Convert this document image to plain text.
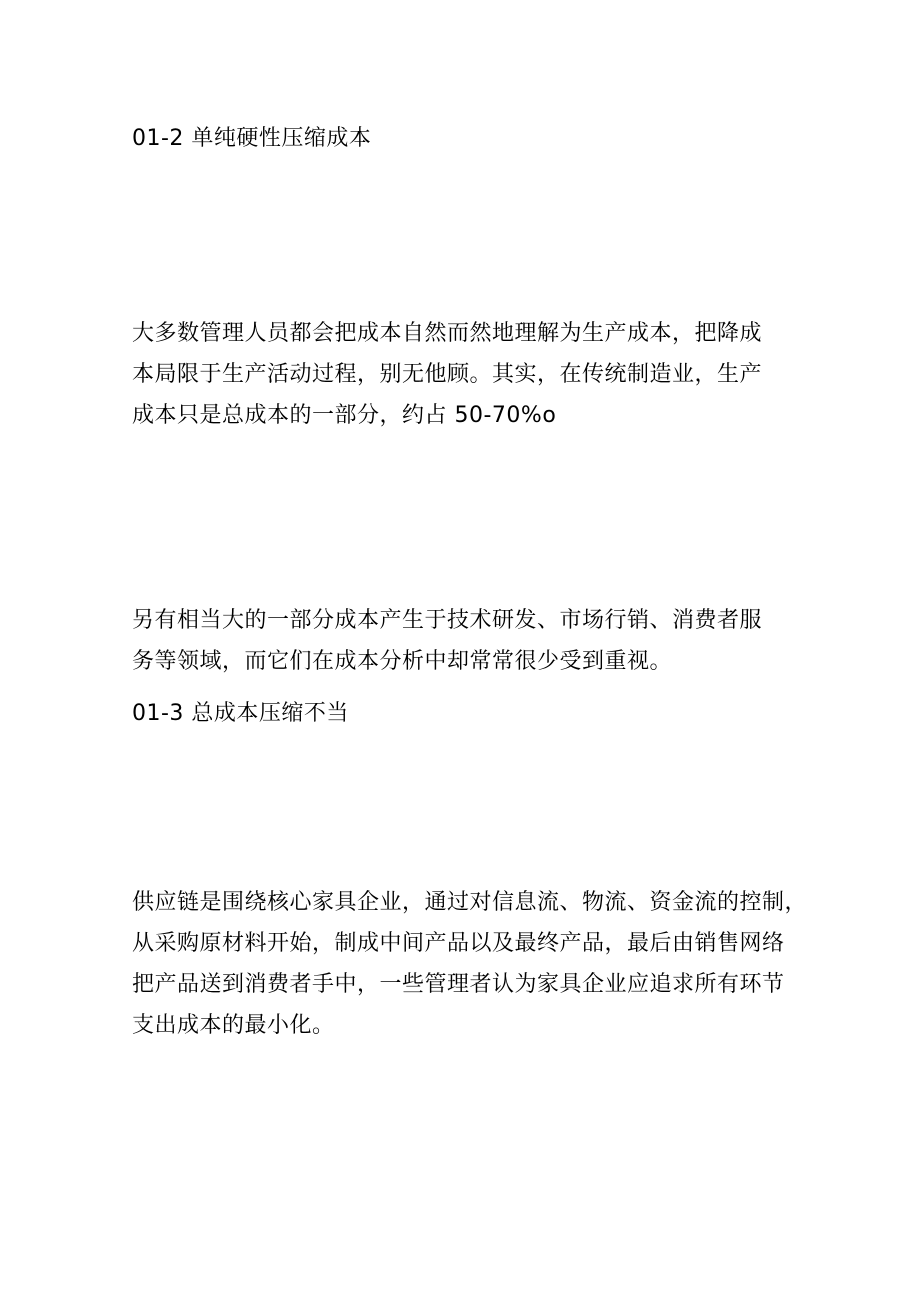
01-2 单纯硬性压缩成本
大多数管理人员都会把成本自然而然地理解为生产成本，把降成
本局限于生产活动过程，别无他顾。其实，在传统制造业，生产
成本只是总成本的一部分，约占 50-70%o
另有相当大的一部分成本产生于技术研发、市场行销、消费者服
务等领域，而它们在成本分析中却常常很少受到重视。
01-3 总成本压缩不当
供应链是围绕核心家具企业，通过对信息流、物流、资金流的控制，
从采购原材料开始，制成中间产品以及最终产品，最后由销售网络
把产品送到消费者手中，一些管理者认为家具企业应追求所有环节
支出成本的最小化。
